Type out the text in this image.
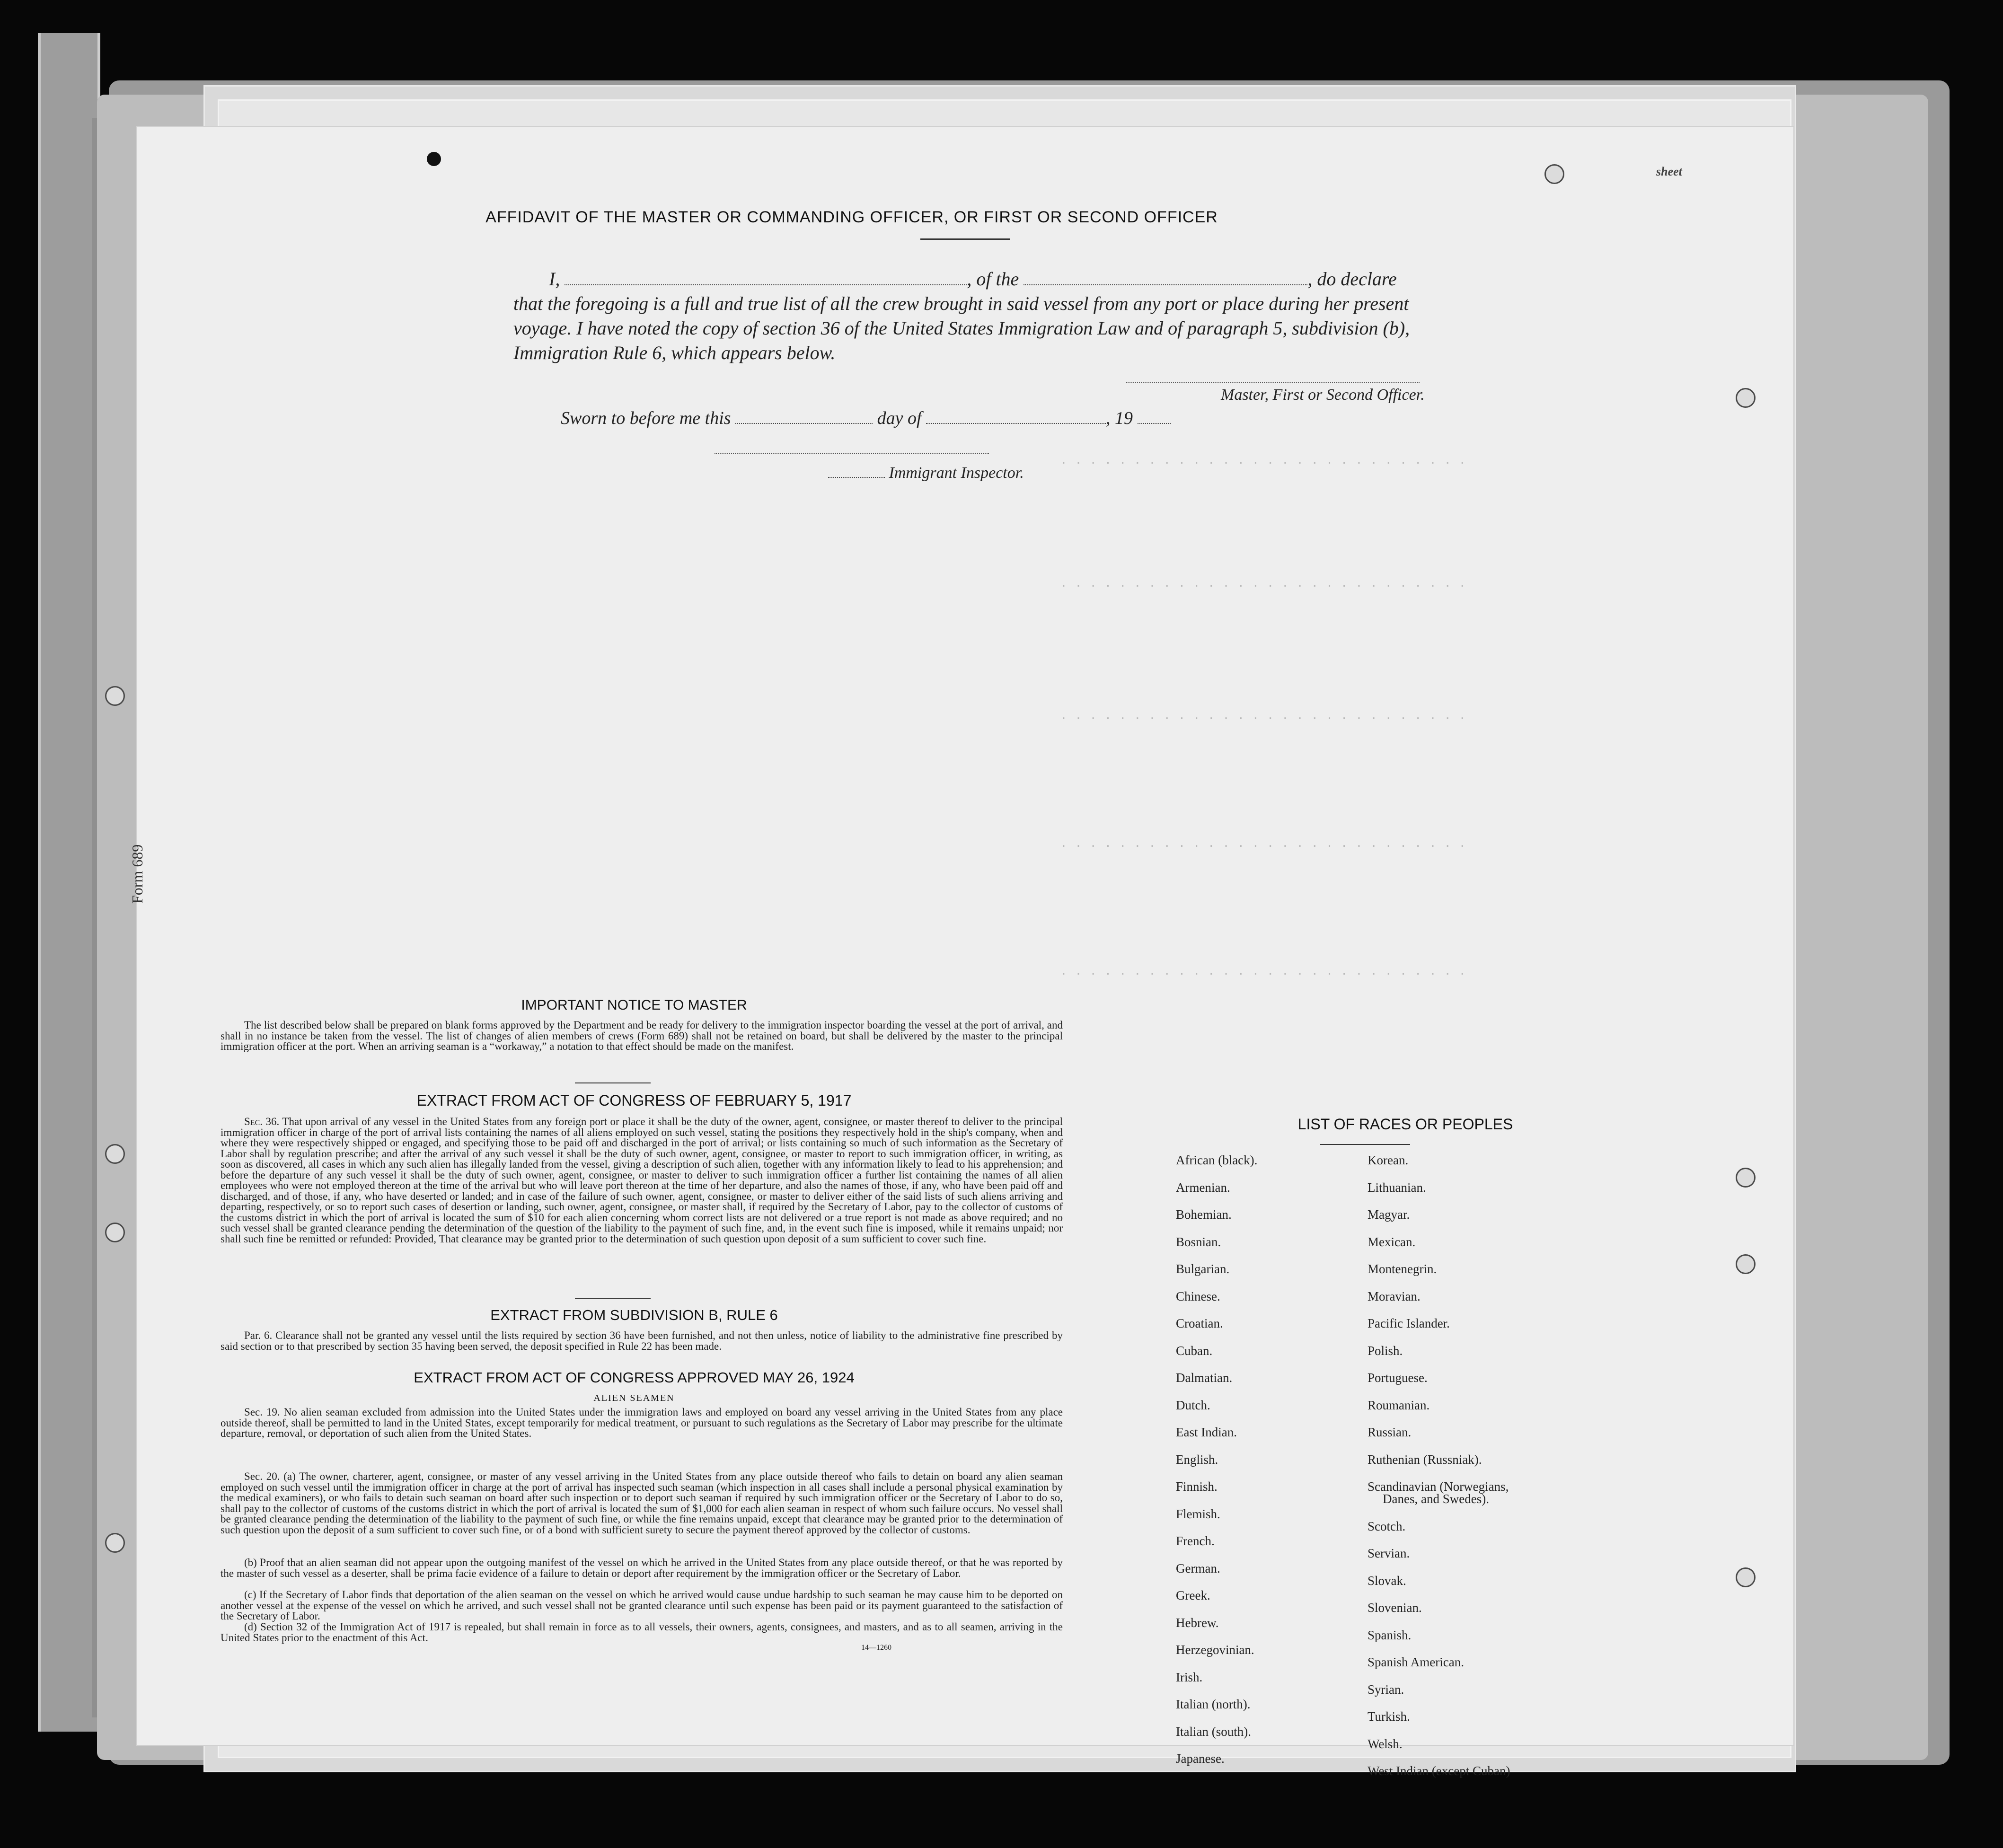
. . . . . . . . . . . . . . . . . . . . . . . . . . . .
. . . . . . . . . . . . . . . . . . . . . . . . . . . .
. . . . . . . . . . . . . . . . . . . . . . . . . . . .
. . . . . . . . . . . . . . . . . . . . . . . . . . . .
. . . . . . . . . . . . . . . . . . . . . . . . . . . .
sheet
AFFIDAVIT OF THE MASTER OR COMMANDING OFFICER, OR FIRST OR SECOND OFFICER
I,	, of the	, do declare
that the foregoing is a full and true list of all the crew brought in said vessel from any port or place during her present
voyage. I have noted the copy of section 36 of the United States Immigration Law and of paragraph 5, subdivision (b),
Immigration Rule 6, which appears below.
Master, First or Second Officer.
Sworn to before me this	day of	, 19
Immigrant Inspector.
IMPORTANT NOTICE TO MASTER
The list described below shall be prepared on blank forms approved by the Department and be ready for delivery to the immigration inspector boarding the vessel at the port of arrival, and shall in no instance be taken from the vessel. The list of changes of alien members of crews (Form 689) shall not be retained on board, but shall be delivered by the master to the principal immigration officer at the port. When an arriving seaman is a “workaway,” a notation to that effect should be made on the manifest.
EXTRACT FROM ACT OF CONGRESS OF FEBRUARY 5, 1917
Sec. 36. That upon arrival of any vessel in the United States from any foreign port or place it shall be the duty of the owner, agent, consignee, or master thereof to deliver to the principal immigration officer in charge of the port of arrival lists containing the names of all aliens employed on such vessel, stating the positions they respectively hold in the ship's company, when and where they were respectively shipped or engaged, and specifying those to be paid off and discharged in the port of arrival; or lists containing so much of such information as the Secretary of Labor shall by regulation prescribe; and after the arrival of any such vessel it shall be the duty of such owner, agent, consignee, or master to report to such immigration officer, in writing, as soon as discovered, all cases in which any such alien has illegally landed from the vessel, giving a description of such alien, together with any information likely to lead to his apprehension; and before the departure of any such vessel it shall be the duty of such owner, agent, consignee, or master to deliver to such immigration officer a further list containing the names of all alien employees who were not employed thereon at the time of the arrival but who will leave port thereon at the time of her departure, and also the names of those, if any, who have been paid off and discharged, and of those, if any, who have deserted or landed; and in case of the failure of such owner, agent, consignee, or master to deliver either of the said lists of such aliens arriving and departing, respectively, or so to report such cases of desertion or landing, such owner, agent, consignee, or master shall, if required by the Secretary of Labor, pay to the collector of customs of the customs district in which the port of arrival is located the sum of $10 for each alien concerning whom correct lists are not delivered or a true report is not made as above required; and no such vessel shall be granted clearance pending the determination of the question of the liability to the payment of such fine, and, in the event such fine is imposed, while it remains unpaid; nor shall such fine be remitted or refunded: Provided, That clearance may be granted prior to the determination of such question upon deposit of a sum sufficient to cover such fine.
EXTRACT FROM SUBDIVISION B, RULE 6
Par. 6. Clearance shall not be granted any vessel until the lists required by section 36 have been furnished, and not then unless, notice of liability to the administrative fine prescribed by said section or to that prescribed by section 35 having been served, the deposit specified in Rule 22 has been made.
EXTRACT FROM ACT OF CONGRESS APPROVED MAY 26, 1924
ALIEN SEAMEN
Sec. 19. No alien seaman excluded from admission into the United States under the immigration laws and employed on board any vessel arriving in the United States from any place outside thereof, shall be permitted to land in the United States, except temporarily for medical treatment, or pursuant to such regulations as the Secretary of Labor may prescribe for the ultimate departure, removal, or deportation of such alien from the United States.
Sec. 20. (a) The owner, charterer, agent, consignee, or master of any vessel arriving in the United States from any place outside thereof who fails to detain on board any alien seaman employed on such vessel until the immigration officer in charge at the port of arrival has inspected such seaman (which inspection in all cases shall include a personal physical examination by the medical examiners), or who fails to detain such seaman on board after such inspection or to deport such seaman if required by such immigration officer or the Secretary of Labor to do so, shall pay to the collector of customs of the customs district in which the port of arrival is located the sum of $1,000 for each alien seaman in respect of whom such failure occurs. No vessel shall be granted clearance pending the determination of the liability to the payment of such fine, or while the fine remains unpaid, except that clearance may be granted prior to the determination of such question upon the deposit of a sum sufficient to cover such fine, or of a bond with sufficient surety to secure the payment thereof approved by the collector of customs.
(b) Proof that an alien seaman did not appear upon the outgoing manifest of the vessel on which he arrived in the United States from any place outside thereof, or that he was reported by the master of such vessel as a deserter, shall be prima facie evidence of a failure to detain or deport after requirement by the immigration officer or the Secretary of Labor.
(c) If the Secretary of Labor finds that deportation of the alien seaman on the vessel on which he arrived would cause undue hardship to such seaman he may cause him to be deported on another vessel at the expense of the vessel on which he arrived, and such vessel shall not be granted clearance until such expense has been paid or its payment guaranteed to the satisfaction of the Secretary of Labor.
(d) Section 32 of the Immigration Act of 1917 is repealed, but shall remain in force as to all vessels, their owners, agents, consignees, and masters, and as to all seamen, arriving in the United States prior to the enactment of this Act.
14—1260
LIST OF RACES OR PEOPLES
African (black).
Armenian.
Bohemian.
Bosnian.
Bulgarian.
Chinese.
Croatian.
Cuban.
Dalmatian.
Dutch.
East Indian.
English.
Finnish.
Flemish.
French.
German.
Greek.
Hebrew.
Herzegovinian.
Irish.
Italian (north).
Italian (south).
Japanese.
Korean.
Lithuanian.
Magyar.
Mexican.
Montenegrin.
Moravian.
Pacific Islander.
Polish.
Portuguese.
Roumanian.
Russian.
Ruthenian (Russniak).
Scandinavian (Norwegians,
Danes, and Swedes).
Scotch.
Servian.
Slovak.
Slovenian.
Spanish.
Spanish American.
Syrian.
Turkish.
Welsh.
West Indian (except Cuban)
Form 689
